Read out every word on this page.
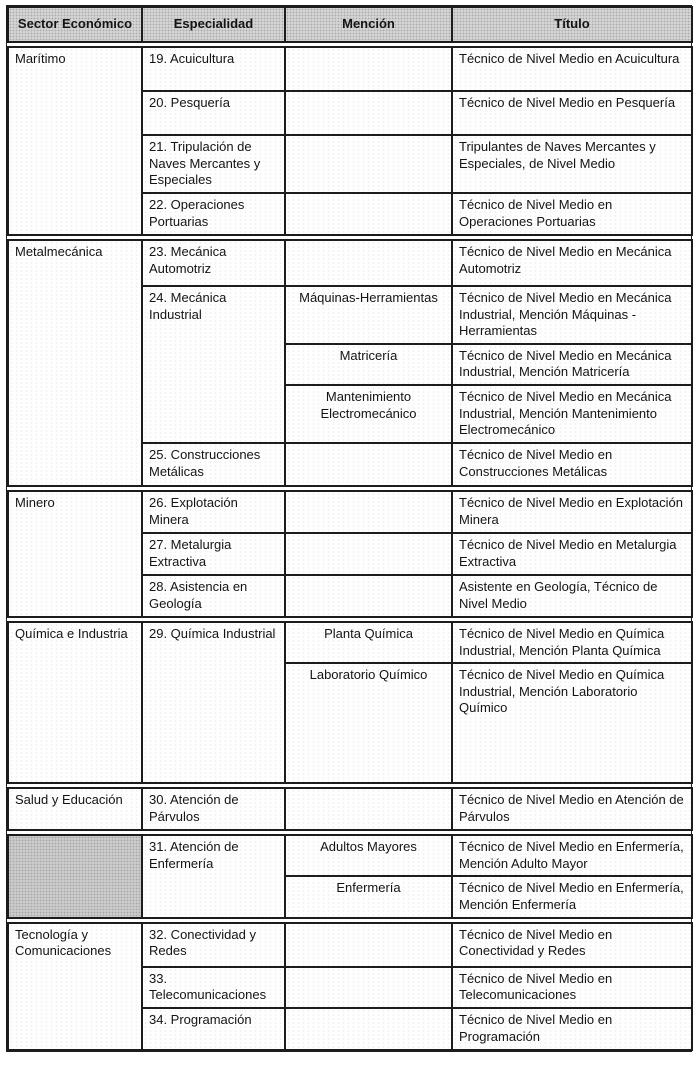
Sector Económico	Especialidad	Mención	Título
Marítimo	19. Acuicultura		Técnico de Nivel Medio en Acuicultura
	20. Pesquería		Técnico de Nivel Medio en Pesquería
	21. Tripulación de Naves Mercantes y Especiales		Tripulantes de Naves Mercantes y Especiales, de Nivel Medio
	22. Operaciones Portuarias		Técnico de Nivel Medio en Operaciones Portuarias
Metalmecánica	23. Mecánica Automotriz		Técnico de Nivel Medio en Mecánica Automotriz
	24. Mecánica Industrial	Máquinas-Herramientas	Técnico de Nivel Medio en Mecánica Industrial, Mención Máquinas - Herramientas
		Matricería	Técnico de Nivel Medio en Mecánica Industrial, Mención Matricería
		Mantenimiento Electromecánico	Técnico de Nivel Medio en Mecánica Industrial, Mención Mantenimiento Electromecánico
	25. Construcciones Metálicas		Técnico de Nivel Medio en Construcciones Metálicas
Minero	26. Explotación Minera		Técnico de Nivel Medio en Explotación Minera
	27. Metalurgia Extractiva		Técnico de Nivel Medio en Metalurgia Extractiva
	28. Asistencia en Geología		Asistente en Geología, Técnico de Nivel Medio
Química e Industria	29. Química Industrial	Planta Química	Técnico de Nivel Medio en Química Industrial, Mención Planta Química
		Laboratorio Químico	Técnico de Nivel Medio en Química Industrial, Mención Laboratorio Químico
Salud y Educación	30. Atención de Párvulos		Técnico de Nivel Medio en Atención de Párvulos
	31. Atención de Enfermería	Adultos Mayores	Técnico de Nivel Medio en Enfermería, Mención Adulto Mayor
		Enfermería	Técnico de Nivel Medio en Enfermería, Mención Enfermería
Tecnología y Comunicaciones	32. Conectividad y Redes		Técnico de Nivel Medio en Conectividad y Redes
	33. Telecomunicaciones		Técnico de Nivel Medio en Telecomunicaciones
	34. Programación		Técnico de Nivel Medio en Programación
